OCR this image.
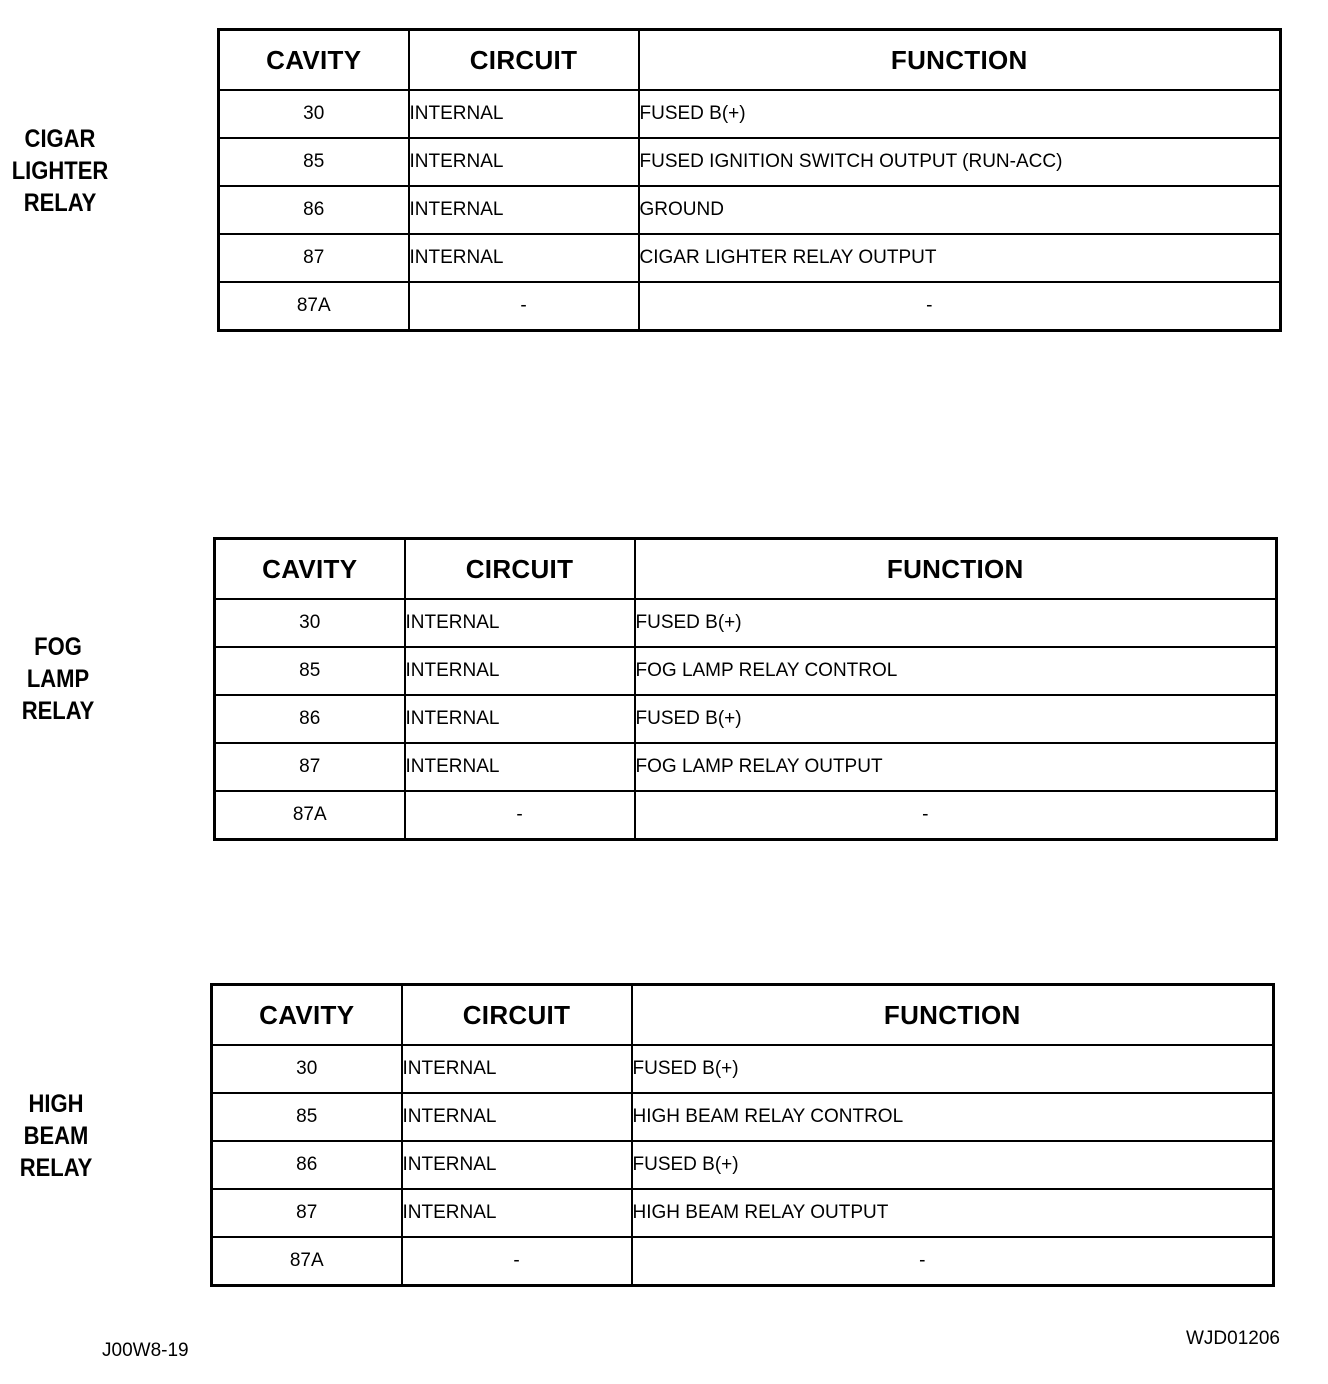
CIGAR
LIGHTER
RELAY
CAVITY	CIRCUIT	FUNCTION
30	INTERNAL	FUSED B(+)
85	INTERNAL	FUSED IGNITION SWITCH OUTPUT (RUN-ACC)
86	INTERNAL	GROUND
87	INTERNAL	CIGAR LIGHTER RELAY OUTPUT
87A	-	-
FOG
LAMP
RELAY
CAVITY	CIRCUIT	FUNCTION
30	INTERNAL	FUSED B(+)
85	INTERNAL	FOG LAMP RELAY CONTROL
86	INTERNAL	FUSED B(+)
87	INTERNAL	FOG LAMP RELAY OUTPUT
87A	-	-
HIGH
BEAM
RELAY
CAVITY	CIRCUIT	FUNCTION
30	INTERNAL	FUSED B(+)
85	INTERNAL	HIGH BEAM RELAY CONTROL
86	INTERNAL	FUSED B(+)
87	INTERNAL	HIGH BEAM RELAY OUTPUT
87A	-	-
J00W8-19
WJD01206
